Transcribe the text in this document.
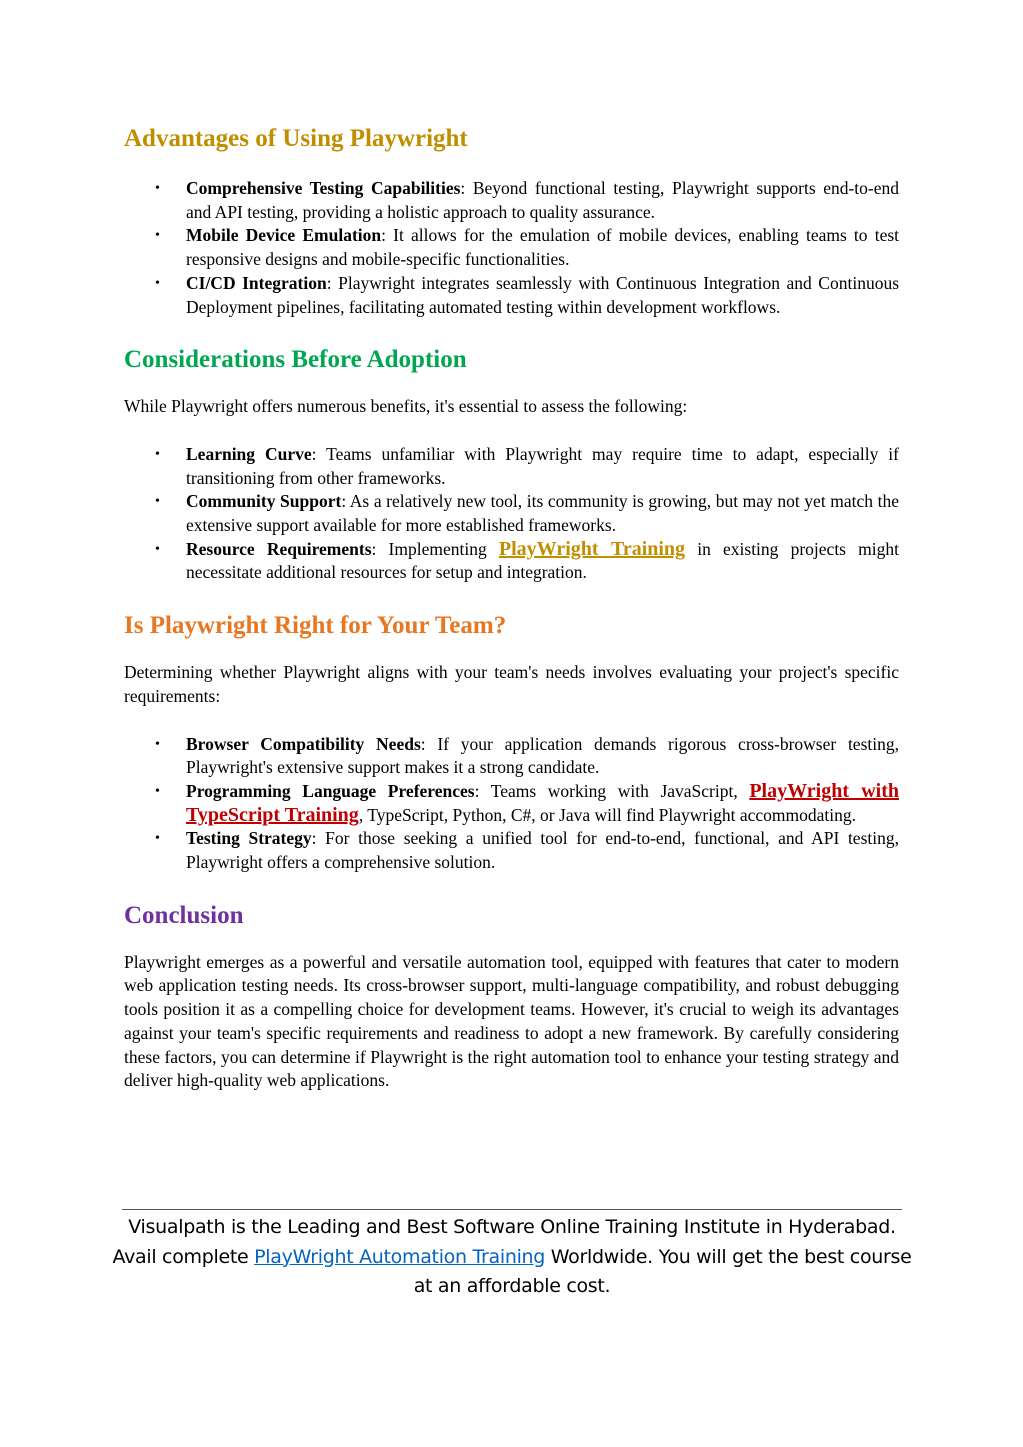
Advantages of Using Playwright
• Comprehensive Testing Capabilities: Beyond functional testing, Playwright supports end-to-end and API testing, providing a holistic approach to quality assurance.
• Mobile Device Emulation: It allows for the emulation of mobile devices, enabling teams to test responsive designs and mobile-specific functionalities.
• CI/CD Integration: Playwright integrates seamlessly with Continuous Integration and Continuous Deployment pipelines, facilitating automated testing within development workflows.
Considerations Before Adoption

While Playwright offers numerous benefits, it's essential to assess the following:

• Learning Curve: Teams unfamiliar with Playwright may require time to adapt, especially if transitioning from other frameworks.
• Community Support: As a relatively new tool, its community is growing, but may not yet match the extensive support available for more established frameworks.
• Resource Requirements: Implementing PlayWright Training in existing projects might necessitate additional resources for setup and integration.
Is Playwright Right for Your Team?

Determining whether Playwright aligns with your team's needs involves evaluating your project's specific requirements:

• Browser Compatibility Needs: If your application demands rigorous cross-browser testing, Playwright's extensive support makes it a strong candidate.
• Programming Language Preferences: Teams working with JavaScript, PlayWright with TypeScript Training, TypeScript, Python, C#, or Java will find Playwright accommodating.
• Testing Strategy: For those seeking a unified tool for end-to-end, functional, and API testing, Playwright offers a comprehensive solution.
Conclusion

Playwright emerges as a powerful and versatile automation tool, equipped with features that cater to modern web application testing needs. Its cross-browser support, multi-language compatibility, and robust debugging tools position it as a compelling choice for development teams. However, it's crucial to weigh its advantages against your team's specific requirements and readiness to adopt a new framework. By carefully considering these factors, you can determine if Playwright is the right automation tool to enhance your testing strategy and deliver high-quality web applications.

Visualpath is the Leading and Best Software Online Training Institute in Hyderabad. Avail complete PlayWright Automation Training Worldwide. You will get the best course at an affordable cost.
